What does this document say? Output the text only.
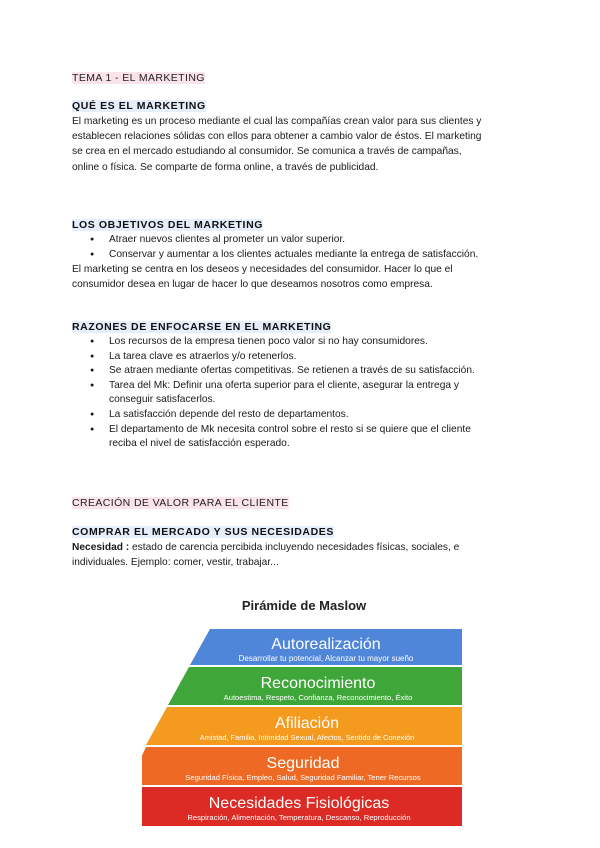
TEMA 1 - EL MARKETING
QUÉ ES EL MARKETING
El marketing es un proceso mediante el cual las compañías crean valor para sus clientes y
establecen relaciones sólidas con ellos para obtener a cambio valor de éstos. El marketing
se crea en el mercado estudiando al consumidor. Se comunica a través de campañas,
online o física. Se comparte de forma online, a través de publicidad.
LOS OBJETIVOS DEL MARKETING
● Atraer nuevos clientes al prometer un valor superior.
● Conservar y aumentar a los clientes actuales mediante la entrega de satisfacción.
El marketing se centra en los deseos y necesidades del consumidor. Hacer lo que el
consumidor desea en lugar de hacer lo que deseamos nosotros como empresa.
RAZONES DE ENFOCARSE EN EL MARKETING
● Los recursos de la empresa tienen poco valor si no hay consumidores.
● La tarea clave es atraerlos y/o retenerlos.
● Se atraen mediante ofertas competitivas. Se retienen a través de su satisfacción.
● Tarea del Mk: Definir una oferta superior para el cliente, asegurar la entrega y
conseguir satisfacerlos.
● La satisfacción depende del resto de departamentos.
● El departamento de Mk necesita control sobre el resto si se quiere que el cliente
reciba el nivel de satisfacción esperado.
CREACIÓN DE VALOR PARA EL CLIENTE
COMPRAR EL MERCADO Y SUS NECESIDADES
Necesidad : estado de carencia percibida incluyendo necesidades físicas, sociales, e
individuales. Ejemplo: comer, vestir, trabajar...
Pirámide de Maslow
Autorealización
Desarrollar tu potencial, Alcanzar tu mayor sueño
Reconocimiento
Autoestima, Respeto, Confianza, Reconocimiento, Éxito
Afiliación
Amistad, Familia, Intimidad Sexual, Afectos, Sentido de Conexión
Seguridad
Seguridad Física, Empleo, Salud, Seguridad Familiar, Tener Recursos
Necesidades Fisiológicas
Respiración, Alimentación, Temperatura, Descanso, Reproducción
